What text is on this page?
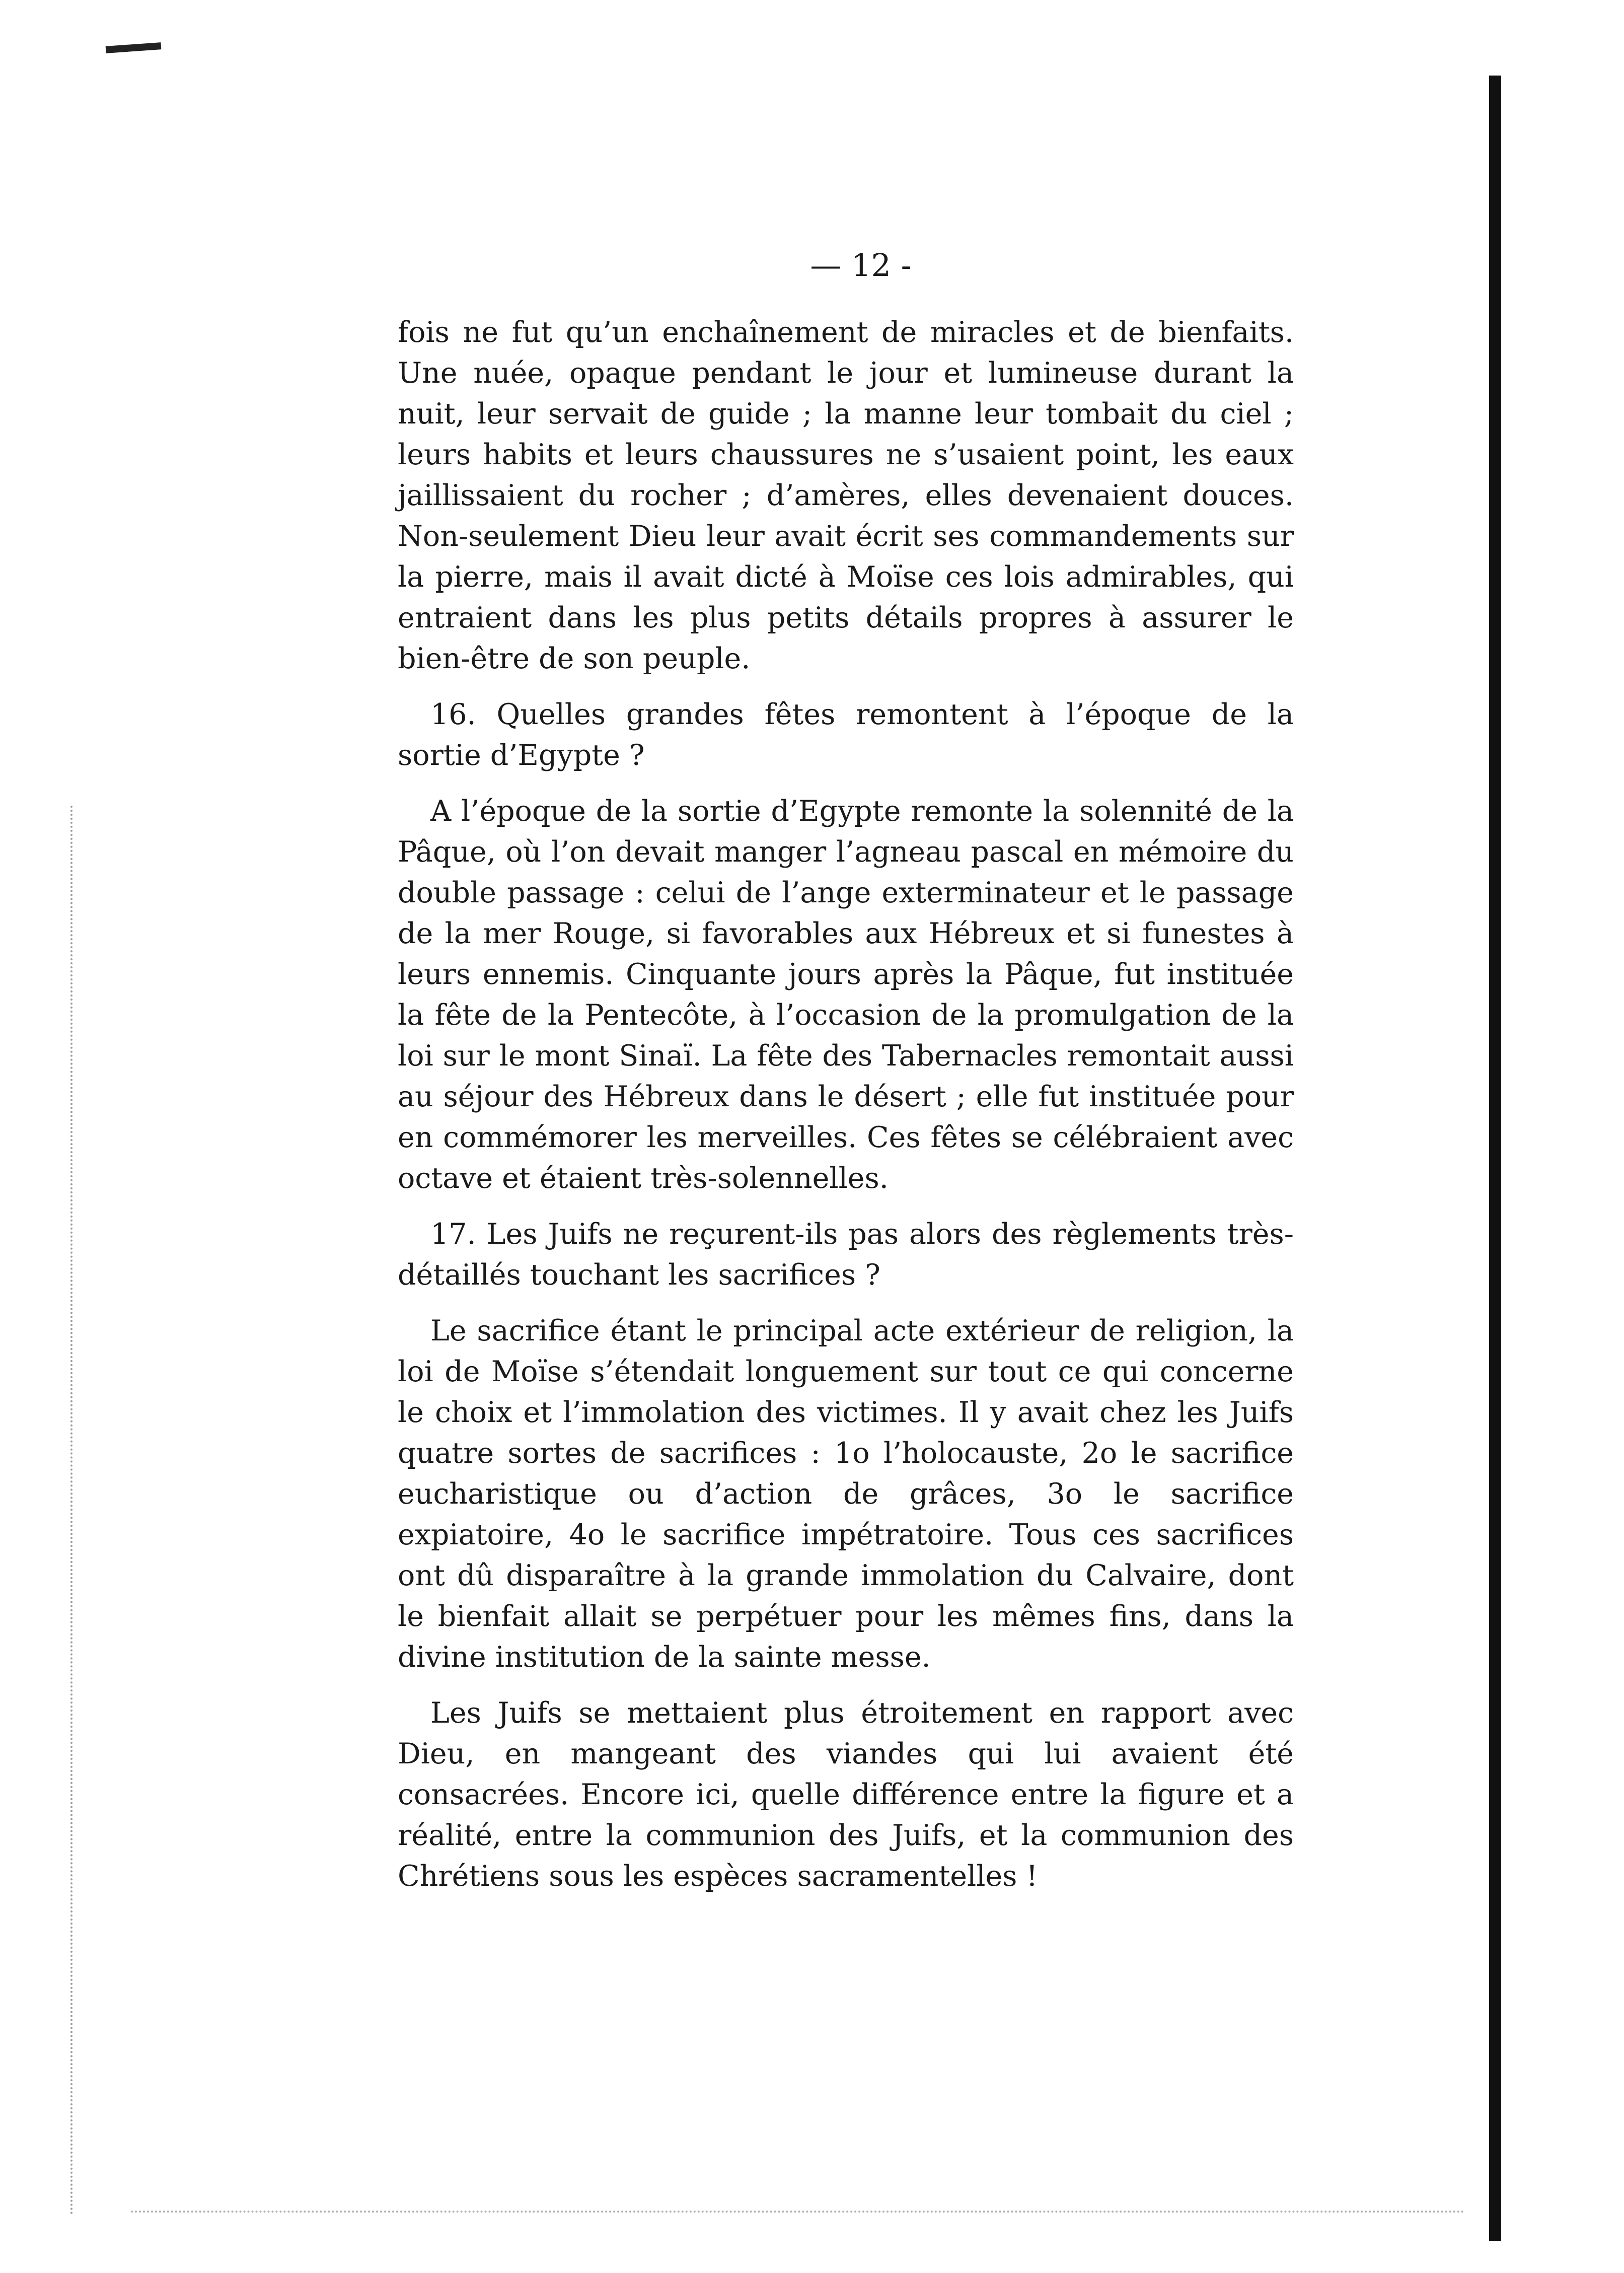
— 12 -

fois ne fut qu’un enchaînement de miracles et de bienfaits. Une nuée, opaque pendant le jour et lumineuse durant la nuit, leur servait de guide ; la manne leur tombait du ciel ; leurs habits et leurs chaussures ne s’usaient point, les eaux jaillissaient du rocher ; d’amères, elles devenaient douces. Non-seulement Dieu leur avait écrit ses commandements sur la pierre, mais il avait dicté à Moïse ces lois admirables, qui entraient dans les plus petits détails propres à assurer le bien-être de son peuple.

16. Quelles grandes fêtes remontent à l’époque de la sortie d’Egypte ?

A l’époque de la sortie d’Egypte remonte la solennité de la Pâque, où l’on devait manger l’agneau pascal en mémoire du double passage : celui de l’ange exterminateur et le passage de la mer Rouge, si favorables aux Hébreux et si funestes à leurs ennemis. Cinquante jours après la Pâque, fut instituée la fête de la Pentecôte, à l’occasion de la promulgation de la loi sur le mont Sinaï. La fête des Tabernacles remontait aussi au séjour des Hébreux dans le désert ; elle fut instituée pour en commémorer les merveilles. Ces fêtes se célébraient avec octave et étaient très-solennelles.

17. Les Juifs ne reçurent-ils pas alors des règlements très-détaillés touchant les sacrifices ?

Le sacrifice étant le principal acte extérieur de religion, la loi de Moïse s’étendait longuement sur tout ce qui concerne le choix et l’immolation des victimes. Il y avait chez les Juifs quatre sortes de sacrifices : 1o l’holocauste, 2o le sacrifice eucharistique ou d’action de grâces, 3o le sacrifice expiatoire, 4o le sacrifice impétratoire. Tous ces sacrifices ont dû disparaître à la grande immolation du Calvaire, dont le bienfait allait se perpétuer pour les mêmes fins, dans la divine institution de la sainte messe.

Les Juifs se mettaient plus étroitement en rapport avec Dieu, en mangeant des viandes qui lui avaient été consacrées. Encore ici, quelle différence entre la figure et a réalité, entre la communion des Juifs, et la communion des Chrétiens sous les espèces sacramentelles !
